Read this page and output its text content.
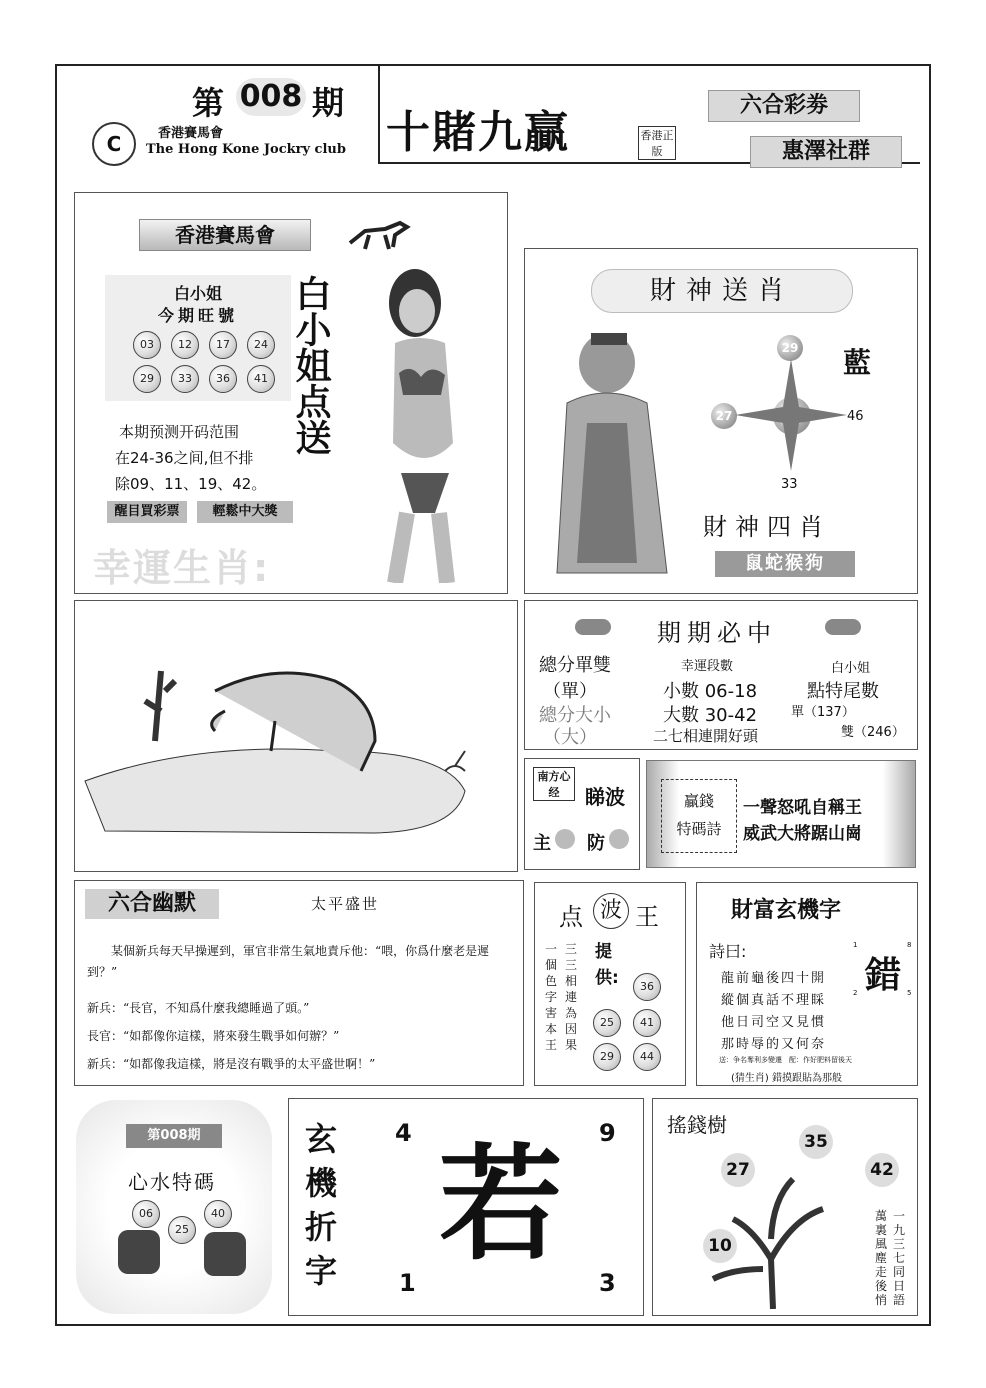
第 008 期
C	香港賽馬會
The Hong Kone Jockry club 十賭九贏	香港正版
六合彩劵
惠澤社群
香港賽馬會
白小姐
今期旺號
03	12	17	24
29	33	36	41
本期预测开码范围
在24-36之间,但不排
除09、11、19、42。
醒目買彩票	輕鬆中大獎
幸運生肖:
白小姐点送	財神送肖
29
27	46
33
藍
財神四肖
鼠蛇猴狗
期期必中
總分單雙	幸運段數	白小姐
（單）	小數 06-18	點特尾數
總分大小	大數 30-42	單（137）
（大）	二七相連開好頭	雙（246）
南方心经	睇波
主 防
贏錢
特碼詩
一聲怒吼自稱王
威武大將踞山崗
六合幽默	太平盛世
某個新兵每天早操遲到，軍官非常生氣地責斥他：“喂，你爲什麼老是遲到？”
新兵：“長官，不知爲什麼我總睡過了頭。”
長官：“如都像你這樣，將來發生戰爭如何辦？”
新兵：“如都像我這樣，將是沒有戰爭的太平盛世啊！”
点 波 王
一個色字害本王
三三相連為因果
提供:	36
25	41
29	44
財富玄機字
詩曰:
錯
1	8
2	5
龍前龜後四十開
縱個真話不理睬
他日司空又見慣
那時辱的又何奈
送：争名奪利多變遷　配：作好肥料留後天
(猜生肖) 錯摸跟貼為那般
第008期
心水特碼
06
25
40
玄機折字 若
4	9
1	3
搖錢樹
35
27	42
10
一九三七同日語
萬裏風塵走後悄
